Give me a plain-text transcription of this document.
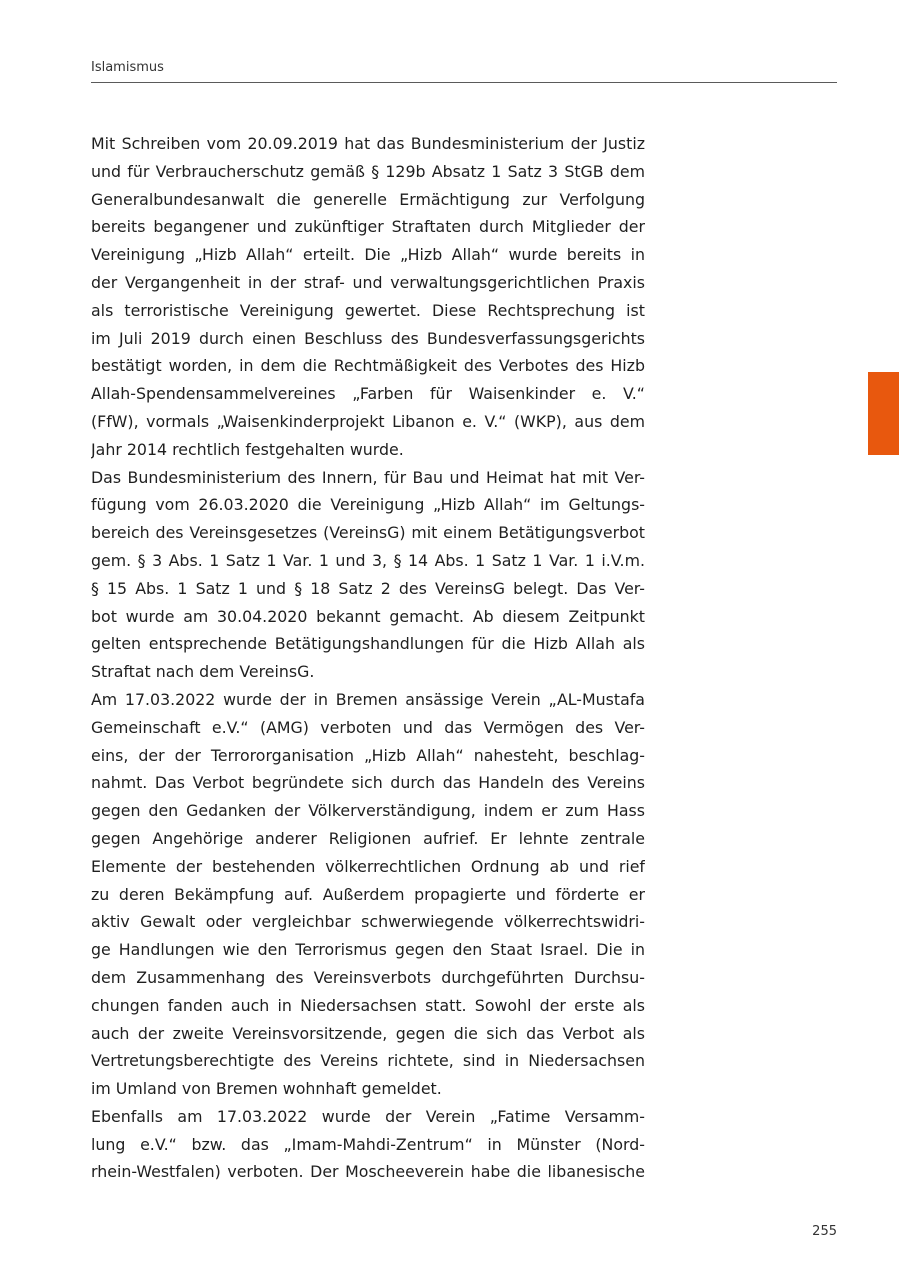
Islamismus
Mit Schreiben vom 20.09.2019 hat das Bundesministerium der Justiz
und für Verbraucherschutz gemäß § 129b Absatz 1 Satz 3 StGB dem
Generalbundesanwalt die generelle Ermächtigung zur Verfolgung
bereits begangener und zukünftiger Straftaten durch Mitglieder der
Vereinigung „Hizb Allah“ erteilt. Die „Hizb Allah“ wurde bereits in
der Vergangenheit in der straf- und verwaltungsgerichtlichen Praxis
als terroristische Vereinigung gewertet. Diese Rechtsprechung ist
im Juli 2019 durch einen Beschluss des Bundesverfassungsgerichts
bestätigt worden, in dem die Rechtmäßigkeit des Verbotes des Hizb
Allah-Spendensammelvereines „Farben für Waisenkinder e. V.“
(FfW), vormals „Waisenkinderprojekt Libanon e. V.“ (WKP), aus dem
Jahr 2014 rechtlich festgehalten wurde.
Das Bundesministerium des Innern, für Bau und Heimat hat mit Ver-
fügung vom 26.03.2020 die Vereinigung „Hizb Allah“ im Geltungs-
bereich des Vereinsgesetzes (VereinsG) mit einem Betätigungsverbot
gem. § 3 Abs. 1 Satz 1 Var. 1 und 3, § 14 Abs. 1 Satz 1 Var. 1 i.V.m.
§ 15 Abs. 1 Satz 1 und § 18 Satz 2 des VereinsG belegt. Das Ver-
bot wurde am 30.04.2020 bekannt gemacht. Ab diesem Zeitpunkt
gelten entsprechende Betätigungshandlungen für die Hizb Allah als
Straftat nach dem VereinsG.
Am 17.03.2022 wurde der in Bremen ansässige Verein „AL-Mustafa
Gemeinschaft e.V.“ (AMG) verboten und das Vermögen des Ver-
eins, der der Terrororganisation „Hizb Allah“ nahesteht, beschlag-
nahmt. Das Verbot begründete sich durch das Handeln des Vereins
gegen den Gedanken der Völkerverständigung, indem er zum Hass
gegen Angehörige anderer Religionen aufrief. Er lehnte zentrale
Elemente der bestehenden völkerrechtlichen Ordnung ab und rief
zu deren Bekämpfung auf. Außerdem propagierte und förderte er
aktiv Gewalt oder vergleichbar schwerwiegende völkerrechtswidri-
ge Handlungen wie den Terrorismus gegen den Staat Israel. Die in
dem Zusammenhang des Vereinsverbots durchgeführten Durchsu-
chungen fanden auch in Niedersachsen statt. Sowohl der erste als
auch der zweite Vereinsvorsitzende, gegen die sich das Verbot als
Vertretungsberechtigte des Vereins richtete, sind in Niedersachsen
im Umland von Bremen wohnhaft gemeldet.
Ebenfalls am 17.03.2022 wurde der Verein „Fatime Versamm-
lung e.V.“ bzw. das „Imam-Mahdi-Zentrum“ in Münster (Nord-
rhein-Westfalen) verboten. Der Moscheeverein habe die libanesische
255
